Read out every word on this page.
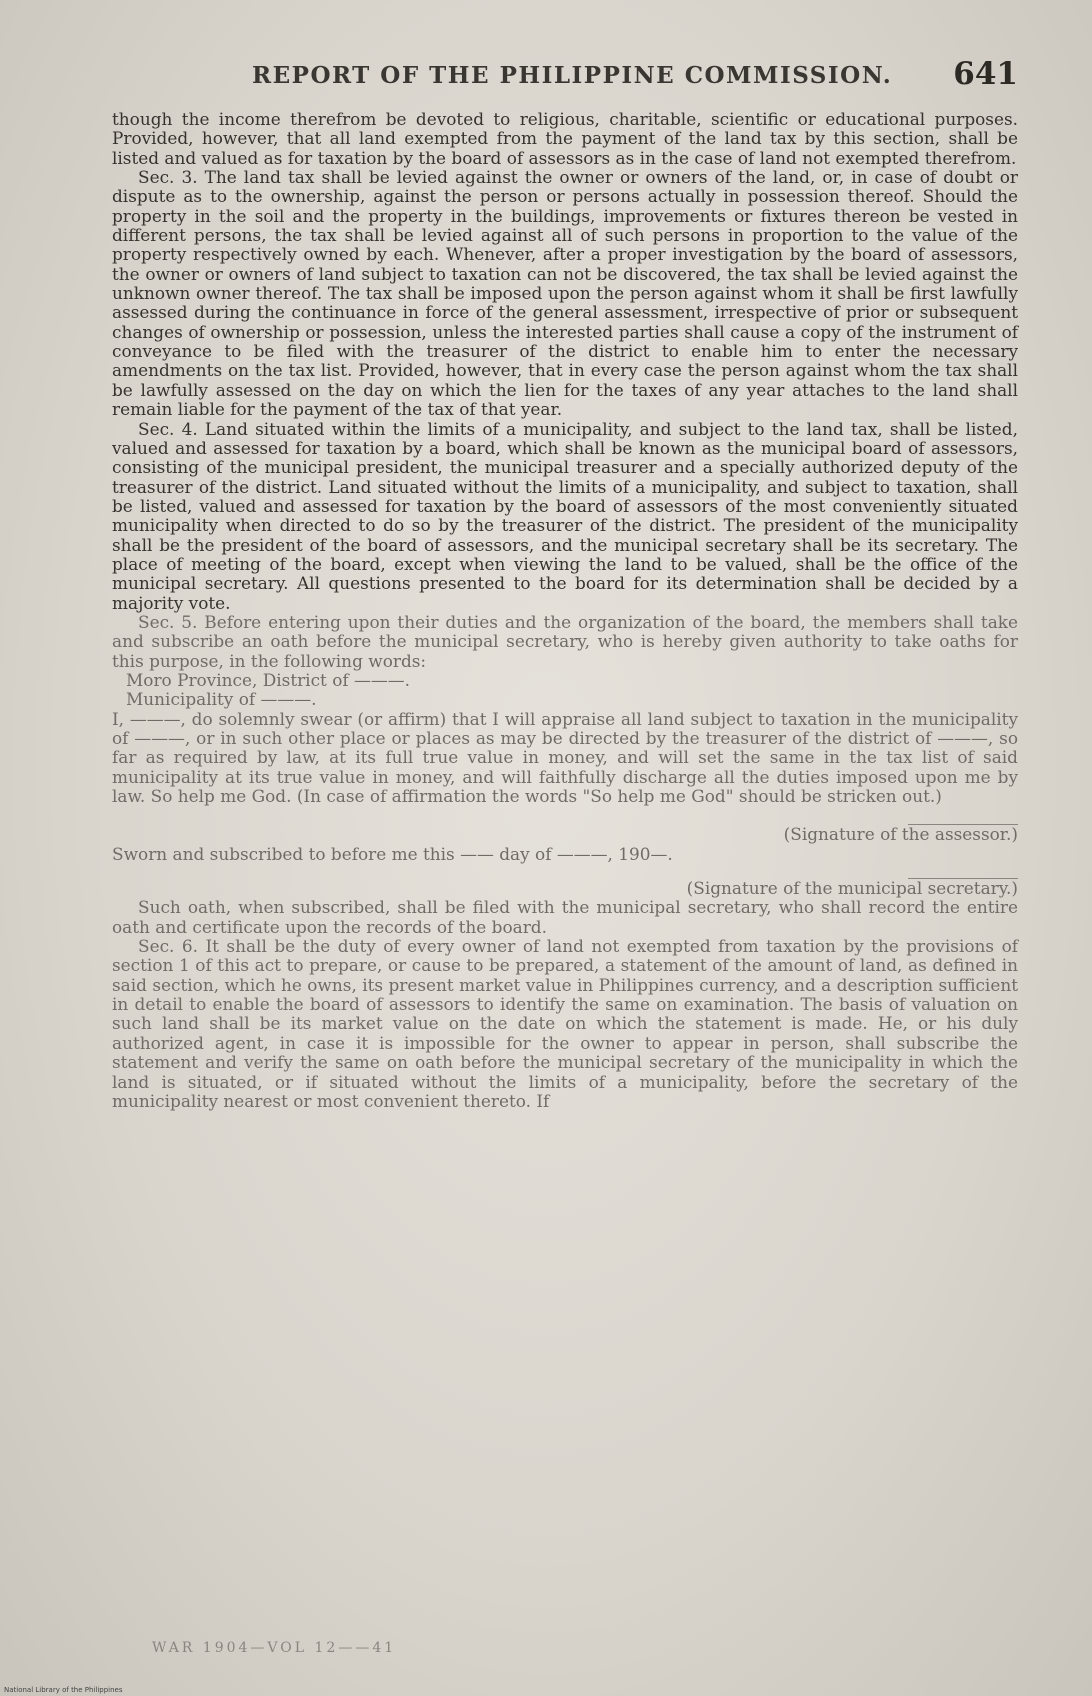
REPORT OF THE PHILIPPINE COMMISSION. 641

though the income therefrom be devoted to religious, charitable, scientific or educational purposes. Provided, however, that all land exempted from the payment of the land tax by this section, shall be listed and valued as for taxation by the board of assessors as in the case of land not exempted therefrom.

Sec. 3. The land tax shall be levied against the owner or owners of the land, or, in case of doubt or dispute as to the ownership, against the person or persons actually in possession thereof. Should the property in the soil and the property in the buildings, improvements or fixtures thereon be vested in different persons, the tax shall be levied against all of such persons in proportion to the value of the property respectively owned by each. Whenever, after a proper investigation by the board of assessors, the owner or owners of land subject to taxation can not be discovered, the tax shall be levied against the unknown owner thereof. The tax shall be imposed upon the person against whom it shall be first lawfully assessed during the continuance in force of the general assessment, irrespective of prior or subsequent changes of ownership or possession, unless the interested parties shall cause a copy of the instrument of conveyance to be filed with the treasurer of the district to enable him to enter the necessary amendments on the tax list. Provided, however, that in every case the person against whom the tax shall be lawfully assessed on the day on which the lien for the taxes of any year attaches to the land shall remain liable for the payment of the tax of that year.

Sec. 4. Land situated within the limits of a municipality, and subject to the land tax, shall be listed, valued and assessed for taxation by a board, which shall be known as the municipal board of assessors, consisting of the municipal president, the municipal treasurer and a specially authorized deputy of the treasurer of the district. Land situated without the limits of a municipality, and subject to taxation, shall be listed, valued and assessed for taxation by the board of assessors of the most conveniently situated municipality when directed to do so by the treasurer of the district. The president of the municipality shall be the president of the board of assessors, and the municipal secretary shall be its secretary. The place of meeting of the board, except when viewing the land to be valued, shall be the office of the municipal secretary. All questions presented to the board for its determination shall be decided by a majority vote.

Sec. 5. Before entering upon their duties and the organization of the board, the members shall take and subscribe an oath before the municipal secretary, who is hereby given authority to take oaths for this purpose, in the following words:

Moro Province, District of ———.

Municipality of ———.

I, ———, do solemnly swear (or affirm) that I will appraise all land subject to taxation in the municipality of ———, or in such other place or places as may be directed by the treasurer of the district of ———, so far as required by law, at its full true value in money, and will set the same in the tax list of said municipality at its true value in money, and will faithfully discharge all the duties imposed upon me by law. So help me God. (In case of affirmation the words "So help me God" should be stricken out.)

(Signature of the assessor.)

Sworn and subscribed to before me this —— day of ———, 190—.

(Signature of the municipal secretary.)

Such oath, when subscribed, shall be filed with the municipal secretary, who shall record the entire oath and certificate upon the records of the board.

Sec. 6. It shall be the duty of every owner of land not exempted from taxation by the provisions of section 1 of this act to prepare, or cause to be prepared, a statement of the amount of land, as defined in said section, which he owns, its present market value in Philippines currency, and a description sufficient in detail to enable the board of assessors to identify the same on examination. The basis of valuation on such land shall be its market value on the date on which the statement is made. He, or his duly authorized agent, in case it is impossible for the owner to appear in person, shall subscribe the statement and verify the same on oath before the municipal secretary of the municipality in which the land is situated, or if situated without the limits of a municipality, before the secretary of the municipality nearest or most convenient thereto. If

WAR 1904—VOL 12——41
National Library of the Philippines
